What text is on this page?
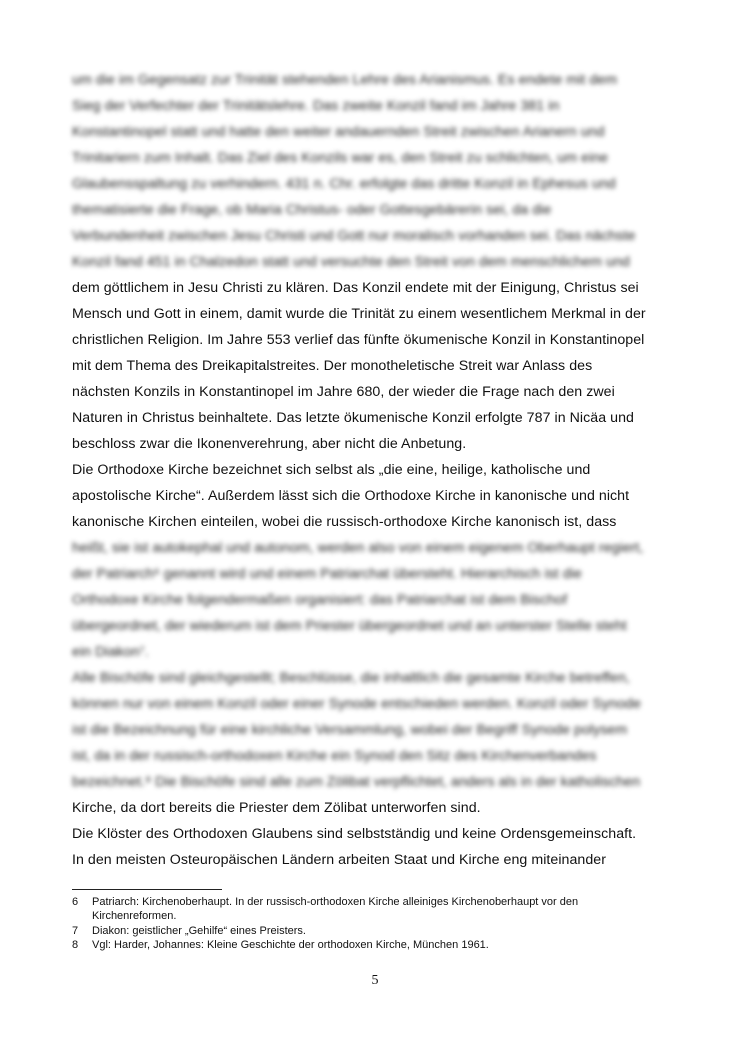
um die im Gegensatz zur Trinität stehenden Lehre des Arianismus. Es endete mit dem
Sieg der Verfechter der Trinitätslehre. Das zweite Konzil fand im Jahre 381 in
Konstantinopel statt und hatte den weiter andauernden Streit zwischen Arianern und
Trinitariern zum Inhalt. Das Ziel des Konzils war es, den Streit zu schlichten, um eine
Glaubensspaltung zu verhindern. 431 n. Chr. erfolgte das dritte Konzil in Ephesus und
thematisierte die Frage, ob Maria Christus- oder Gottesgebärerin sei, da die
Verbundenheit zwischen Jesu Christi und Gott nur moralisch vorhanden sei. Das nächste
Konzil fand 451 in Chalzedon statt und versuchte den Streit von dem menschlichem und
dem göttlichem in Jesu Christi zu klären. Das Konzil endete mit der Einigung, Christus sei
Mensch und Gott in einem, damit wurde die Trinität zu einem wesentlichem Merkmal in der
christlichen Religion. Im Jahre 553 verlief das fünfte ökumenische Konzil in Konstantinopel
mit dem Thema des Dreikapitalstreites. Der monotheletische Streit war Anlass des
nächsten Konzils in Konstantinopel im Jahre 680, der wieder die Frage nach den zwei
Naturen in Christus beinhaltete. Das letzte ökumenische Konzil erfolgte 787 in Nicäa und
beschloss zwar die Ikonenverehrung, aber nicht die Anbetung.
Die Orthodoxe Kirche bezeichnet sich selbst als „die eine, heilige, katholische und
apostolische Kirche“. Außerdem lässt sich die Orthodoxe Kirche in kanonische und nicht
kanonische Kirchen einteilen, wobei die russisch-orthodoxe Kirche kanonisch ist, dass
heißt, sie ist autokephal und autonom, werden also von einem eigenem Oberhaupt regiert,
der Patriarch⁶ genannt wird und einem Patriarchat übersteht. Hierarchisch ist die
Orthodoxe Kirche folgendermaßen organisiert: das Patriarchat ist dem Bischof
übergeordnet, der wiederum ist dem Priester übergeordnet und an unterster Stelle steht
ein Diakon⁷.
Alle Bischöfe sind gleichgestellt; Beschlüsse, die inhaltlich die gesamte Kirche betreffen,
können nur von einem Konzil oder einer Synode entschieden werden. Konzil oder Synode
ist die Bezeichnung für eine kirchliche Versammlung, wobei der Begriff Synode polysem
ist, da in der russisch-orthodoxen Kirche ein Synod den Sitz des Kirchenverbandes
bezeichnet.⁸ Die Bischöfe sind alle zum Zölibat verpflichtet, anders als in der katholischen
Kirche, da dort bereits die Priester dem Zölibat unterworfen sind.
Die Klöster des Orthodoxen Glaubens sind selbstständig und keine Ordensgemeinschaft.
In den meisten Osteuropäischen Ländern arbeiten Staat und Kirche eng miteinander
6	Patriarch: Kirchenoberhaupt. In der russisch-orthodoxen Kirche alleiniges Kirchenoberhaupt vor den
Kirchenreformen.
7	Diakon: geistlicher „Gehilfe“ eines Preisters.
8	Vgl: Harder, Johannes: Kleine Geschichte der orthodoxen Kirche, München 1961.
5
